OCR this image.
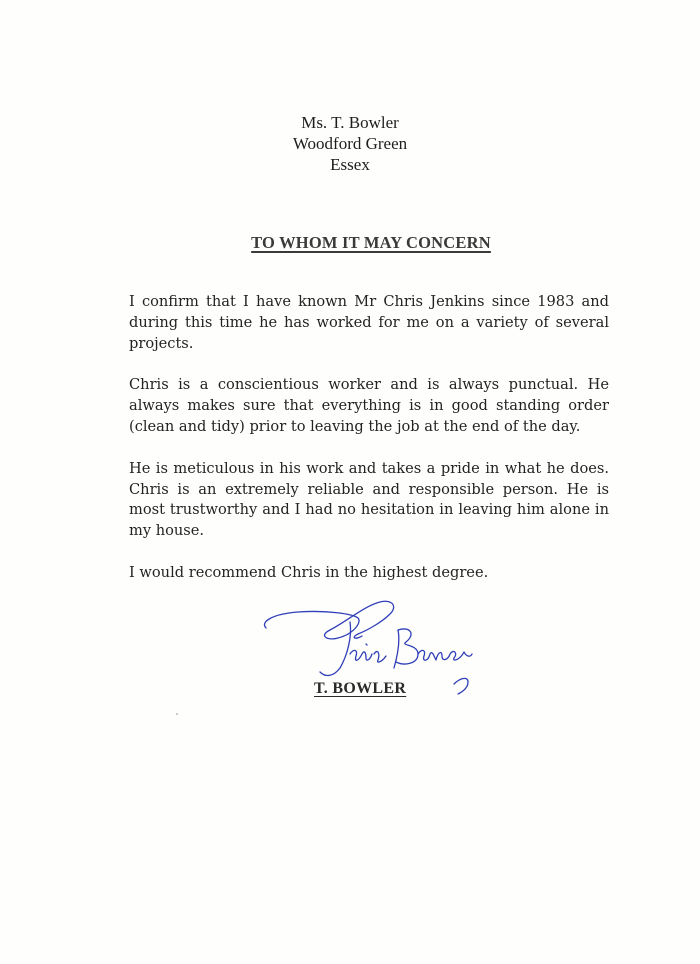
Ms. T. Bowler
Woodford Green
Essex
TO WHOM IT MAY CONCERN

I confirm that I have known Mr Chris Jenkins since 1983 and during this time he has worked for me on a variety of several projects.

Chris is a conscientious worker and is always punctual. He always makes sure that everything is in good standing order (clean and tidy) prior to leaving the job at the end of the day.

He is meticulous in his work and takes a pride in what he does. Chris is an extremely reliable and responsible person. He is most trustworthy and I had no hesitation in leaving him alone in my house.

I would recommend Chris in the highest degree.

T. BOWLER
